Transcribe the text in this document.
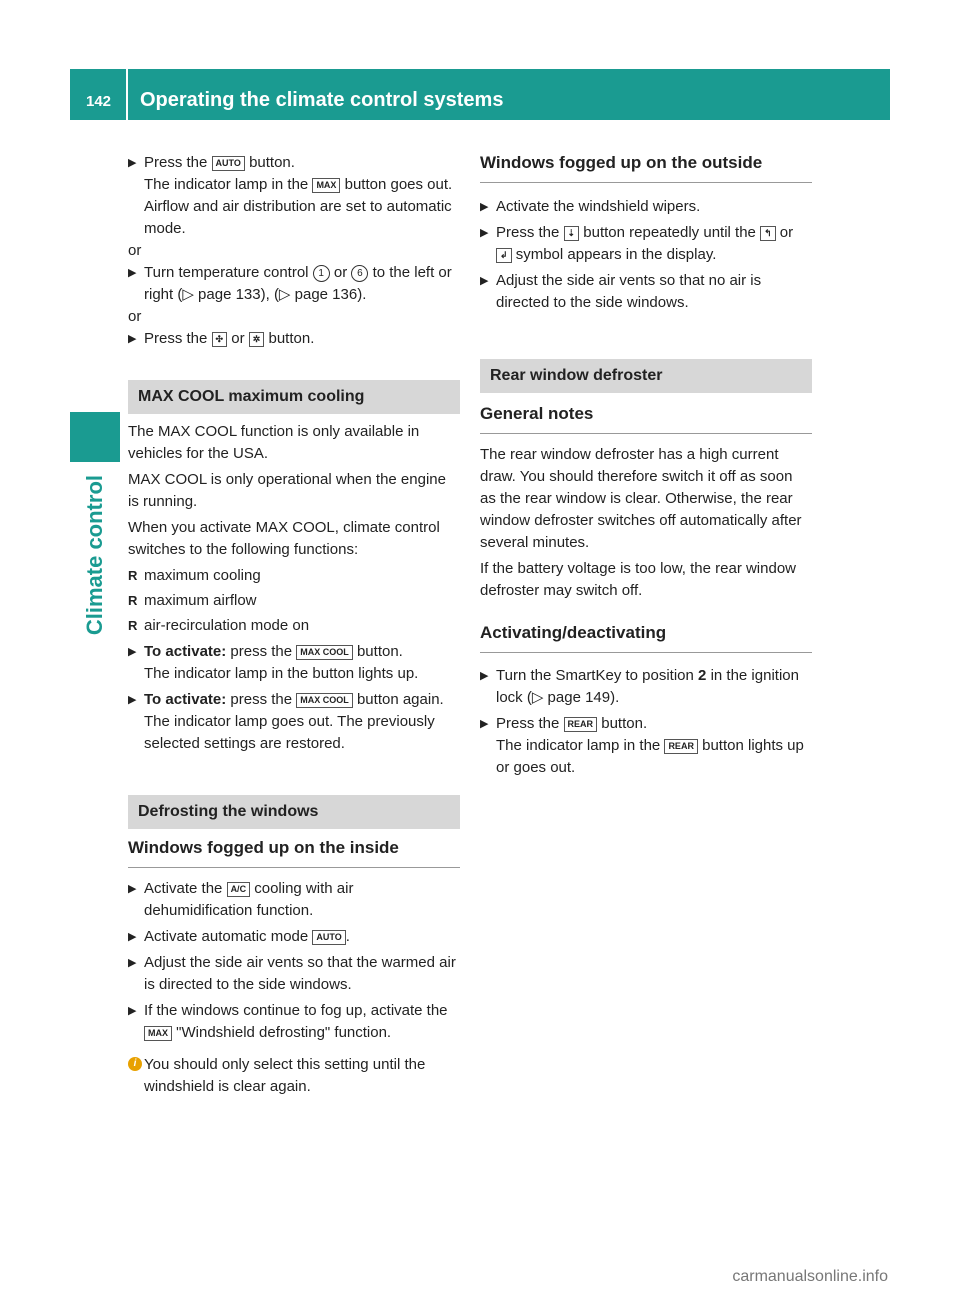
142 Operating the climate control systems
Climate control
▶ Press the AUTO button.
The indicator lamp in the MAX button goes out. Airflow and air distribution are set to automatic mode.

or

▶ Turn temperature control 1 or 6 to the left or right (▷ page 133), (▷ page 136).

or

▶ Press the ✣ or ✲ button.
MAX COOL maximum cooling

The MAX COOL function is only available in vehicles for the USA.

MAX COOL is only operational when the engine is running.

When you activate MAX COOL, climate control switches to the following functions:

R maximum cooling
R maximum airflow
R air-recirculation mode on
▶ To activate: press the MAX COOL button.
The indicator lamp in the button lights up.
▶ To activate: press the MAX COOL button again.
The indicator lamp goes out. The previously selected settings are restored.
Defrosting the windows
Windows fogged up on the inside
▶ Activate the A/C cooling with air dehumidification function.
▶ Activate automatic mode AUTO .
▶ Adjust the side air vents so that the warmed air is directed to the side windows.
▶ If the windows continue to fog up, activate the MAX "Windshield defrosting" function.
i You should only select this setting until the windshield is clear again.
Windows fogged up on the outside
▶ Activate the windshield wipers.
▶ Press the ⇣ button repeatedly until the ↰ or ↲ symbol appears in the display.
▶ Adjust the side air vents so that no air is directed to the side windows.
Rear window defroster
General notes

The rear window defroster has a high current draw. You should therefore switch it off as soon as the rear window is clear. Otherwise, the rear window defroster switches off automatically after several minutes.

If the battery voltage is too low, the rear window defroster may switch off.

Activating/deactivating
▶ Turn the SmartKey to position 2 in the ignition lock (▷ page 149).
▶ Press the REAR button.
The indicator lamp in the REAR button lights up or goes out.
carmanualsonline.info
